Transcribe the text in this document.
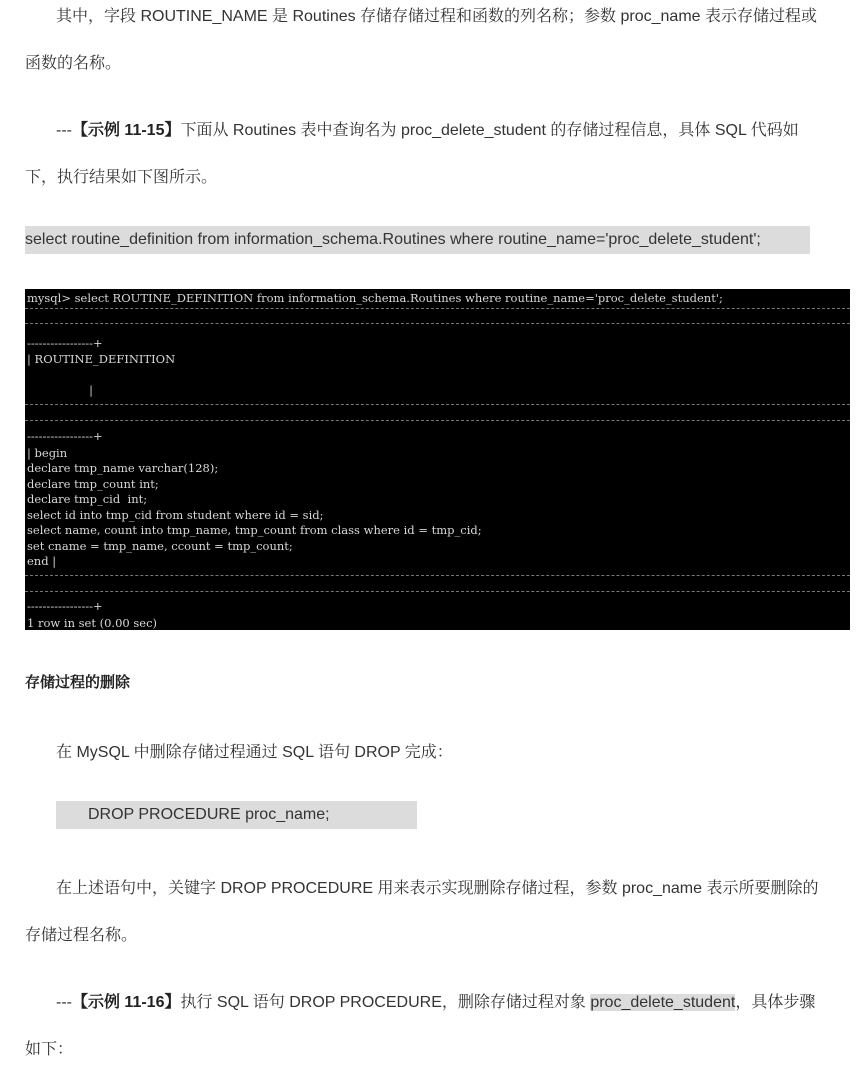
其中，字段 ROUTINE_NAME 是 Routines 存储存储过程和函数的列名称；参数 proc_name 表示存储过程或
函数的名称。
---【示例 11-15】下面从 Routines 表中查询名为 proc_delete_student 的存储过程信息，具体 SQL 代码如
下，执行结果如下图所示。
select routine_definition from information_schema.Routines where routine_name='proc_delete_student';
mysql> select ROUTINE_DEFINITION from information_schema.Routines where routine_name='proc_delete_student';
-----------------+
| ROUTINE_DEFINITION
|
-----------------+
| begin
declare tmp_name varchar(128);
declare tmp_count int;
declare tmp_cid  int;
select id into tmp_cid from student where id = sid;
select name, count into tmp_name, tmp_count from class where id = tmp_cid;
set cname = tmp_name, ccount = tmp_count;
end |
-----------------+
1 row in set (0.00 sec)
存储过程的删除
在 MySQL 中删除存储过程通过 SQL 语句 DROP 完成：
DROP PROCEDURE proc_name;
在上述语句中，关键字 DROP PROCEDURE 用来表示实现删除存储过程，参数 proc_name 表示所要删除的
存储过程名称。
---【示例 11-16】执行 SQL 语句 DROP PROCEDURE，删除存储过程对象 proc_delete_student，具体步骤
如下：
